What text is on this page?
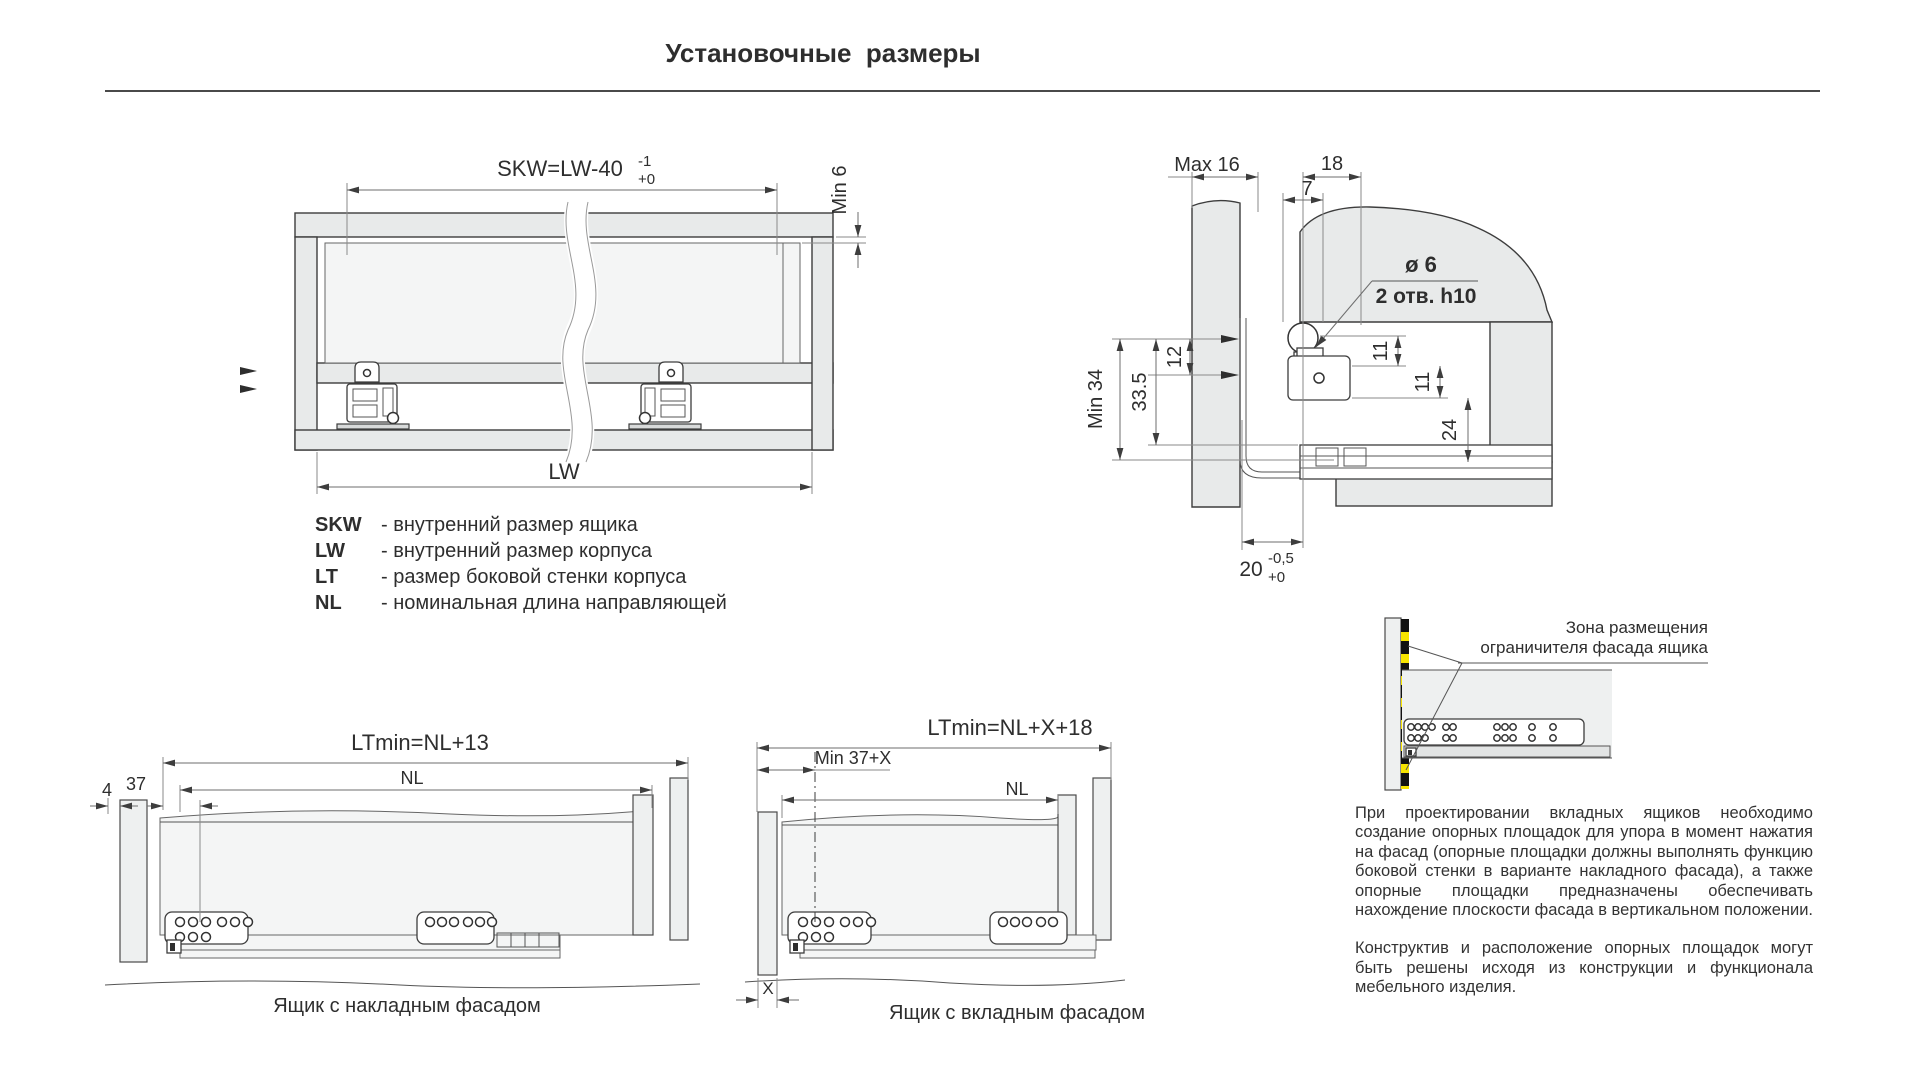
SKW=LW-40 -1
+0	Min 6
LW
Max 16	18
7
ø 6
2 отв. h10
Min 34 33.5
12	11
11
24
20 -0,5
+0
LTmin=NL+13
NL
4 37
LTmin=NL+X+18
Min 37+X
NL
X
Установочные  размеры
SKW - внутренний размер ящика
LW	- внутренний размер корпуса
LT	- размер боковой стенки корпуса
NL	- номинальная длина направляющей
Ящик с накладным фасадом	Ящик с вкладным фасадом
Зона размещения
ограничителя фасада ящика

При проектировании вкладных ящиков необходимо создание опорных площадок для упора в момент нажатия на фасад (опорные площадки должны выполнять функцию боковой стенки в варианте накладного фасада), а также опорные площадки предназначены обеспечивать нахождение плоскости фасада в вертикальном положении.

Конструктив и расположение опорных площадок могут быть решены исходя из конструкции и функционала мебельного изделия.
